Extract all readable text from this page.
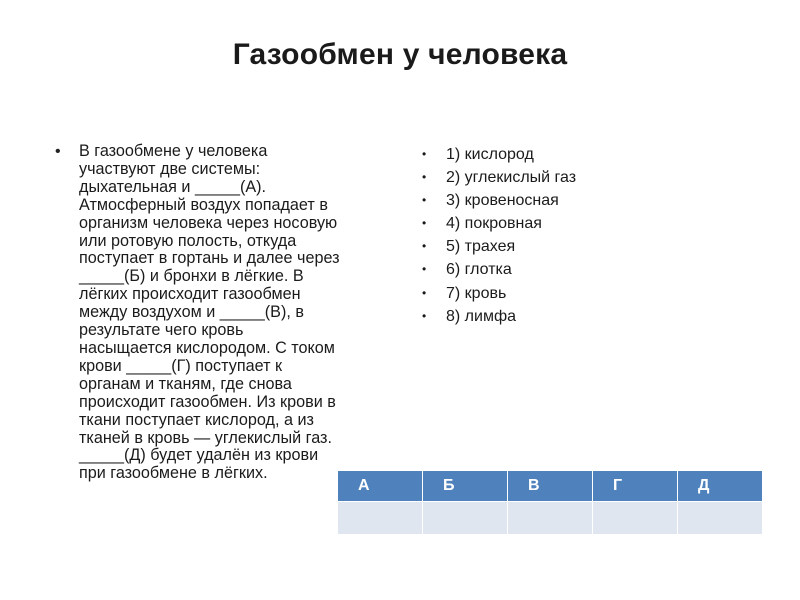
Газообмен у человека
•	В газообмене у человека
участвуют две системы:
дыхательная и _____(А).
Атмосферный воздух попадает в
организм человека через носовую
или ротовую полость, откуда
поступает в гортань и далее через
_____(Б) и бронхи в лёгкие. В
лёгких происходит газообмен
между воздухом и _____(В), в
результате чего кровь
насыщается кислородом. С током
крови _____(Г) поступает к
органам и тканям, где снова
происходит газообмен. Из крови в
ткани поступает кислород, а из
тканей в кровь — углекислый газ.
_____(Д) будет удалён из крови
при газообмене в лёгких.

•	1) кислород
•	2) углекислый газ
•	3) кровеносная
•	4) покровная
•	5) трахея
•	6) глотка
•	7) кровь
•	8) лимфа
А	Б	В	Г	Д
